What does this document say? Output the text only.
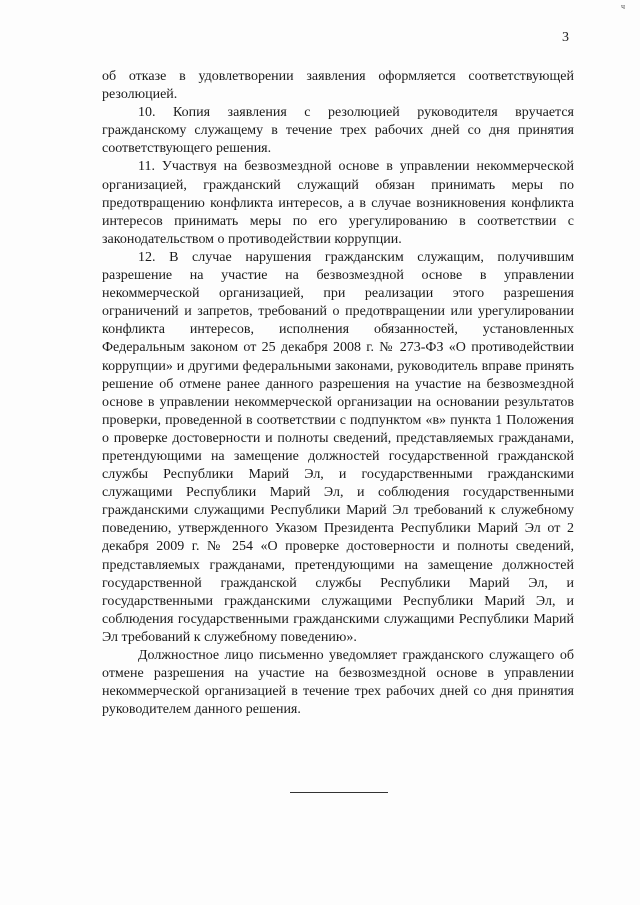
ч
3

об отказе в удовлетворении заявления оформляется соответствующей резолюцией.

10. Копия заявления с резолюцией руководителя вручается гражданскому служащему в течение трех рабочих дней со дня принятия соответствующего решения.

11. Участвуя на безвозмездной основе в управлении некоммерческой организацией, гражданский служащий обязан принимать меры по предотвращению конфликта интересов, а в случае возникновения конфликта интересов принимать меры по его урегулированию в соответствии с законодательством о противодействии коррупции.

12. В случае нарушения гражданским служащим, получившим разрешение на участие на безвозмездной основе в управлении некоммерческой организацией, при реализации этого разрешения ограничений и запретов, требований о предотвращении или урегулировании конфликта интересов, исполнения обязанностей, установленных Федеральным законом от 25 декабря 2008 г. № 273-ФЗ «О противодействии коррупции» и другими федеральными законами, руководитель вправе принять решение об отмене ранее данного разрешения на участие на безвозмездной основе в управлении некоммерческой организации на основании результатов проверки, проведенной в соответствии с подпунктом «в» пункта 1 Положения о проверке достоверности и полноты сведений, представляемых гражданами, претендующими на замещение должностей государственной гражданской службы Республики Марий Эл, и государственными гражданскими служащими Республики Марий Эл, и соблюдения государственными гражданскими служащими Республики Марий Эл требований к служебному поведению, утвержденного Указом Президента Республики Марий Эл от 2 декабря 2009 г. № 254 «О проверке достоверности и полноты сведений, представляемых гражданами, претендующими на замещение должностей государственной гражданской службы Республики Марий Эл, и государственными гражданскими служащими Республики Марий Эл, и соблюдения государственными гражданскими служащими Республики Марий Эл требований к служебному поведению».

Должностное лицо письменно уведомляет гражданского служащего об отмене разрешения на участие на безвозмездной основе в управлении некоммерческой организацией в течение трех рабочих дней со дня принятия руководителем данного решения.
